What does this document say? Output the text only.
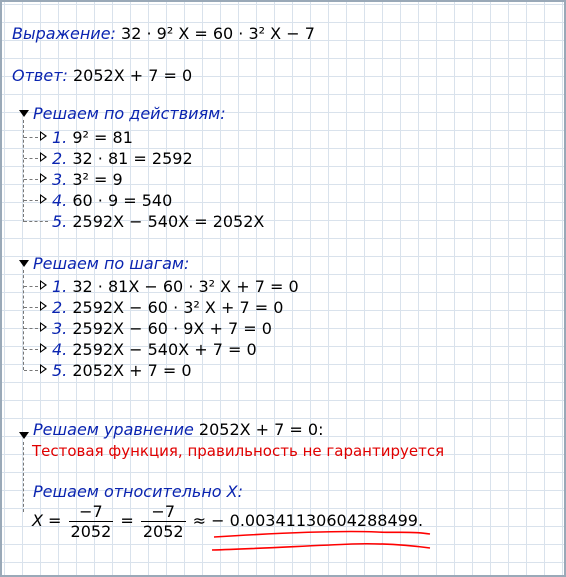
Выражение: 32 · 9² X = 60 · 3² X − 7
Ответ: 2052X + 7 = 0
Решаем по действиям:
1. 9² = 81
2. 32 · 81 = 2592
3. 3² = 9
4. 60 · 9 = 540
5. 2592X − 540X = 2052X
Решаем по шагам:
1. 32 · 81X − 60 · 3² X + 7 = 0
2. 2592X − 60 · 3² X + 7 = 0
3. 2592X − 60 · 9X + 7 = 0
4. 2592X − 540X + 7 = 0
5. 2052X + 7 = 0
Решаем уравнение 2052X + 7 = 0:
Тестовая функция, правильность не гарантируется
Решаем относительно X:
$X = \frac{-7}{2052} = \frac{-7}{2052}$ ≈ − 0.00341130604288499.
